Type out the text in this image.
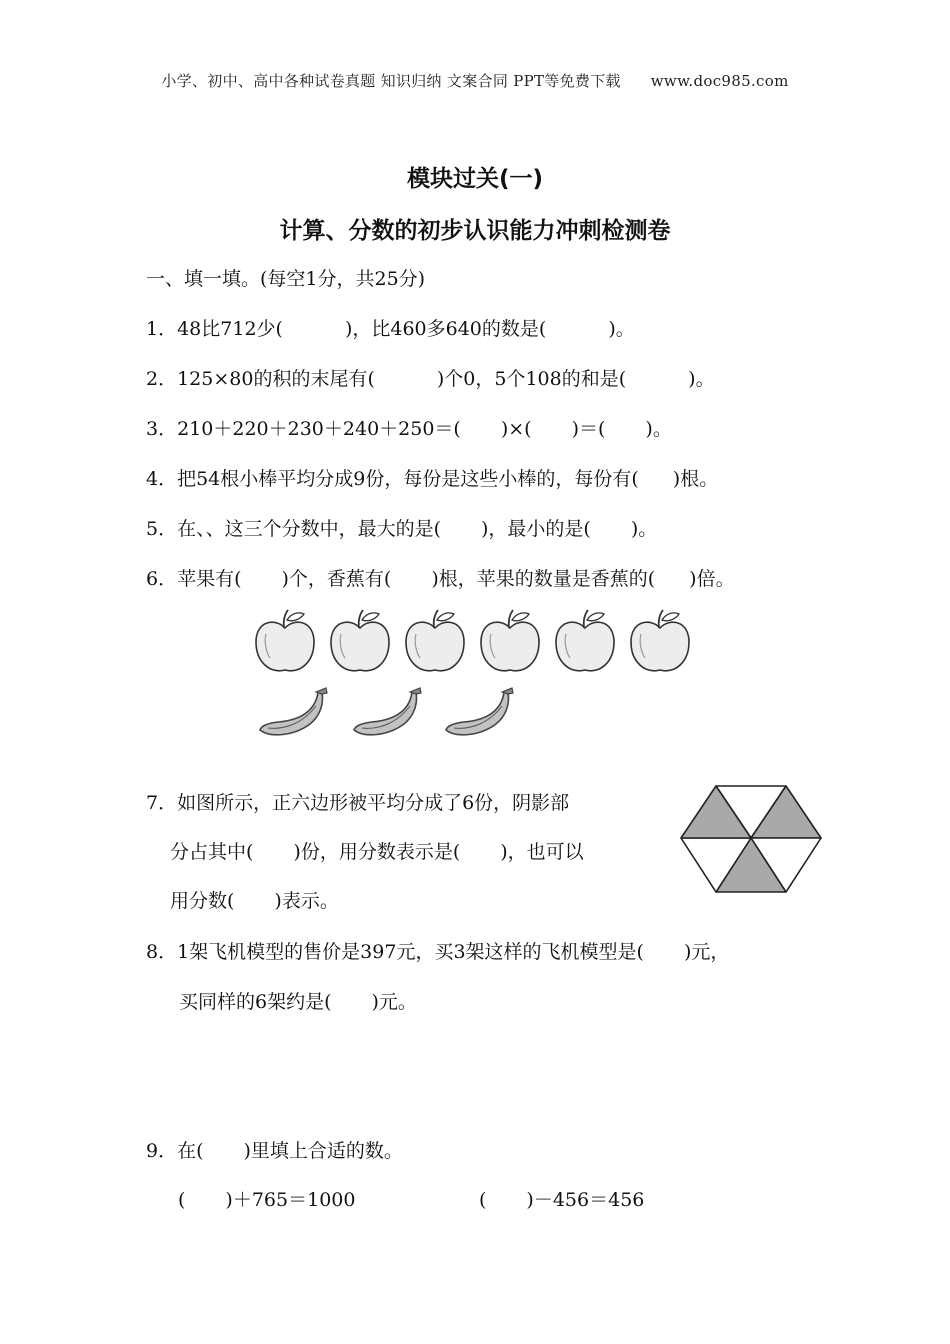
小学、初中、高中各种试卷真题 知识归纳 文案合同 PPT等免费下载 www.doc985.com
模块过关(一)
计算、分数的初步认识能力冲刺检测卷
一、填一填。(每空1分，共25分)
1．48比712少(	)，比460多640的数是(	)。
2．125×80的积的末尾有(	)个0，5个108的和是(	)。
3．210＋220＋230＋240＋250＝( )×( )＝( )。
4．把54根小棒平均分成9份，每份是这些小棒的，每份有( )根。
5．在、、这三个分数中，最大的是( )，最小的是( )。
6．苹果有( )个，香蕉有( )根，苹果的数量是香蕉的( )倍。
7．如图所示，正六边形被平均分成了6份，阴影部
分占其中( )份，用分数表示是( )，也可以
用分数( )表示。
8．1架飞机模型的售价是397元，买3架这样的飞机模型是( )元，
买同样的6架约是( )元。
9．在( )里填上合适的数。
( )＋765＝1000	( )－456＝456
